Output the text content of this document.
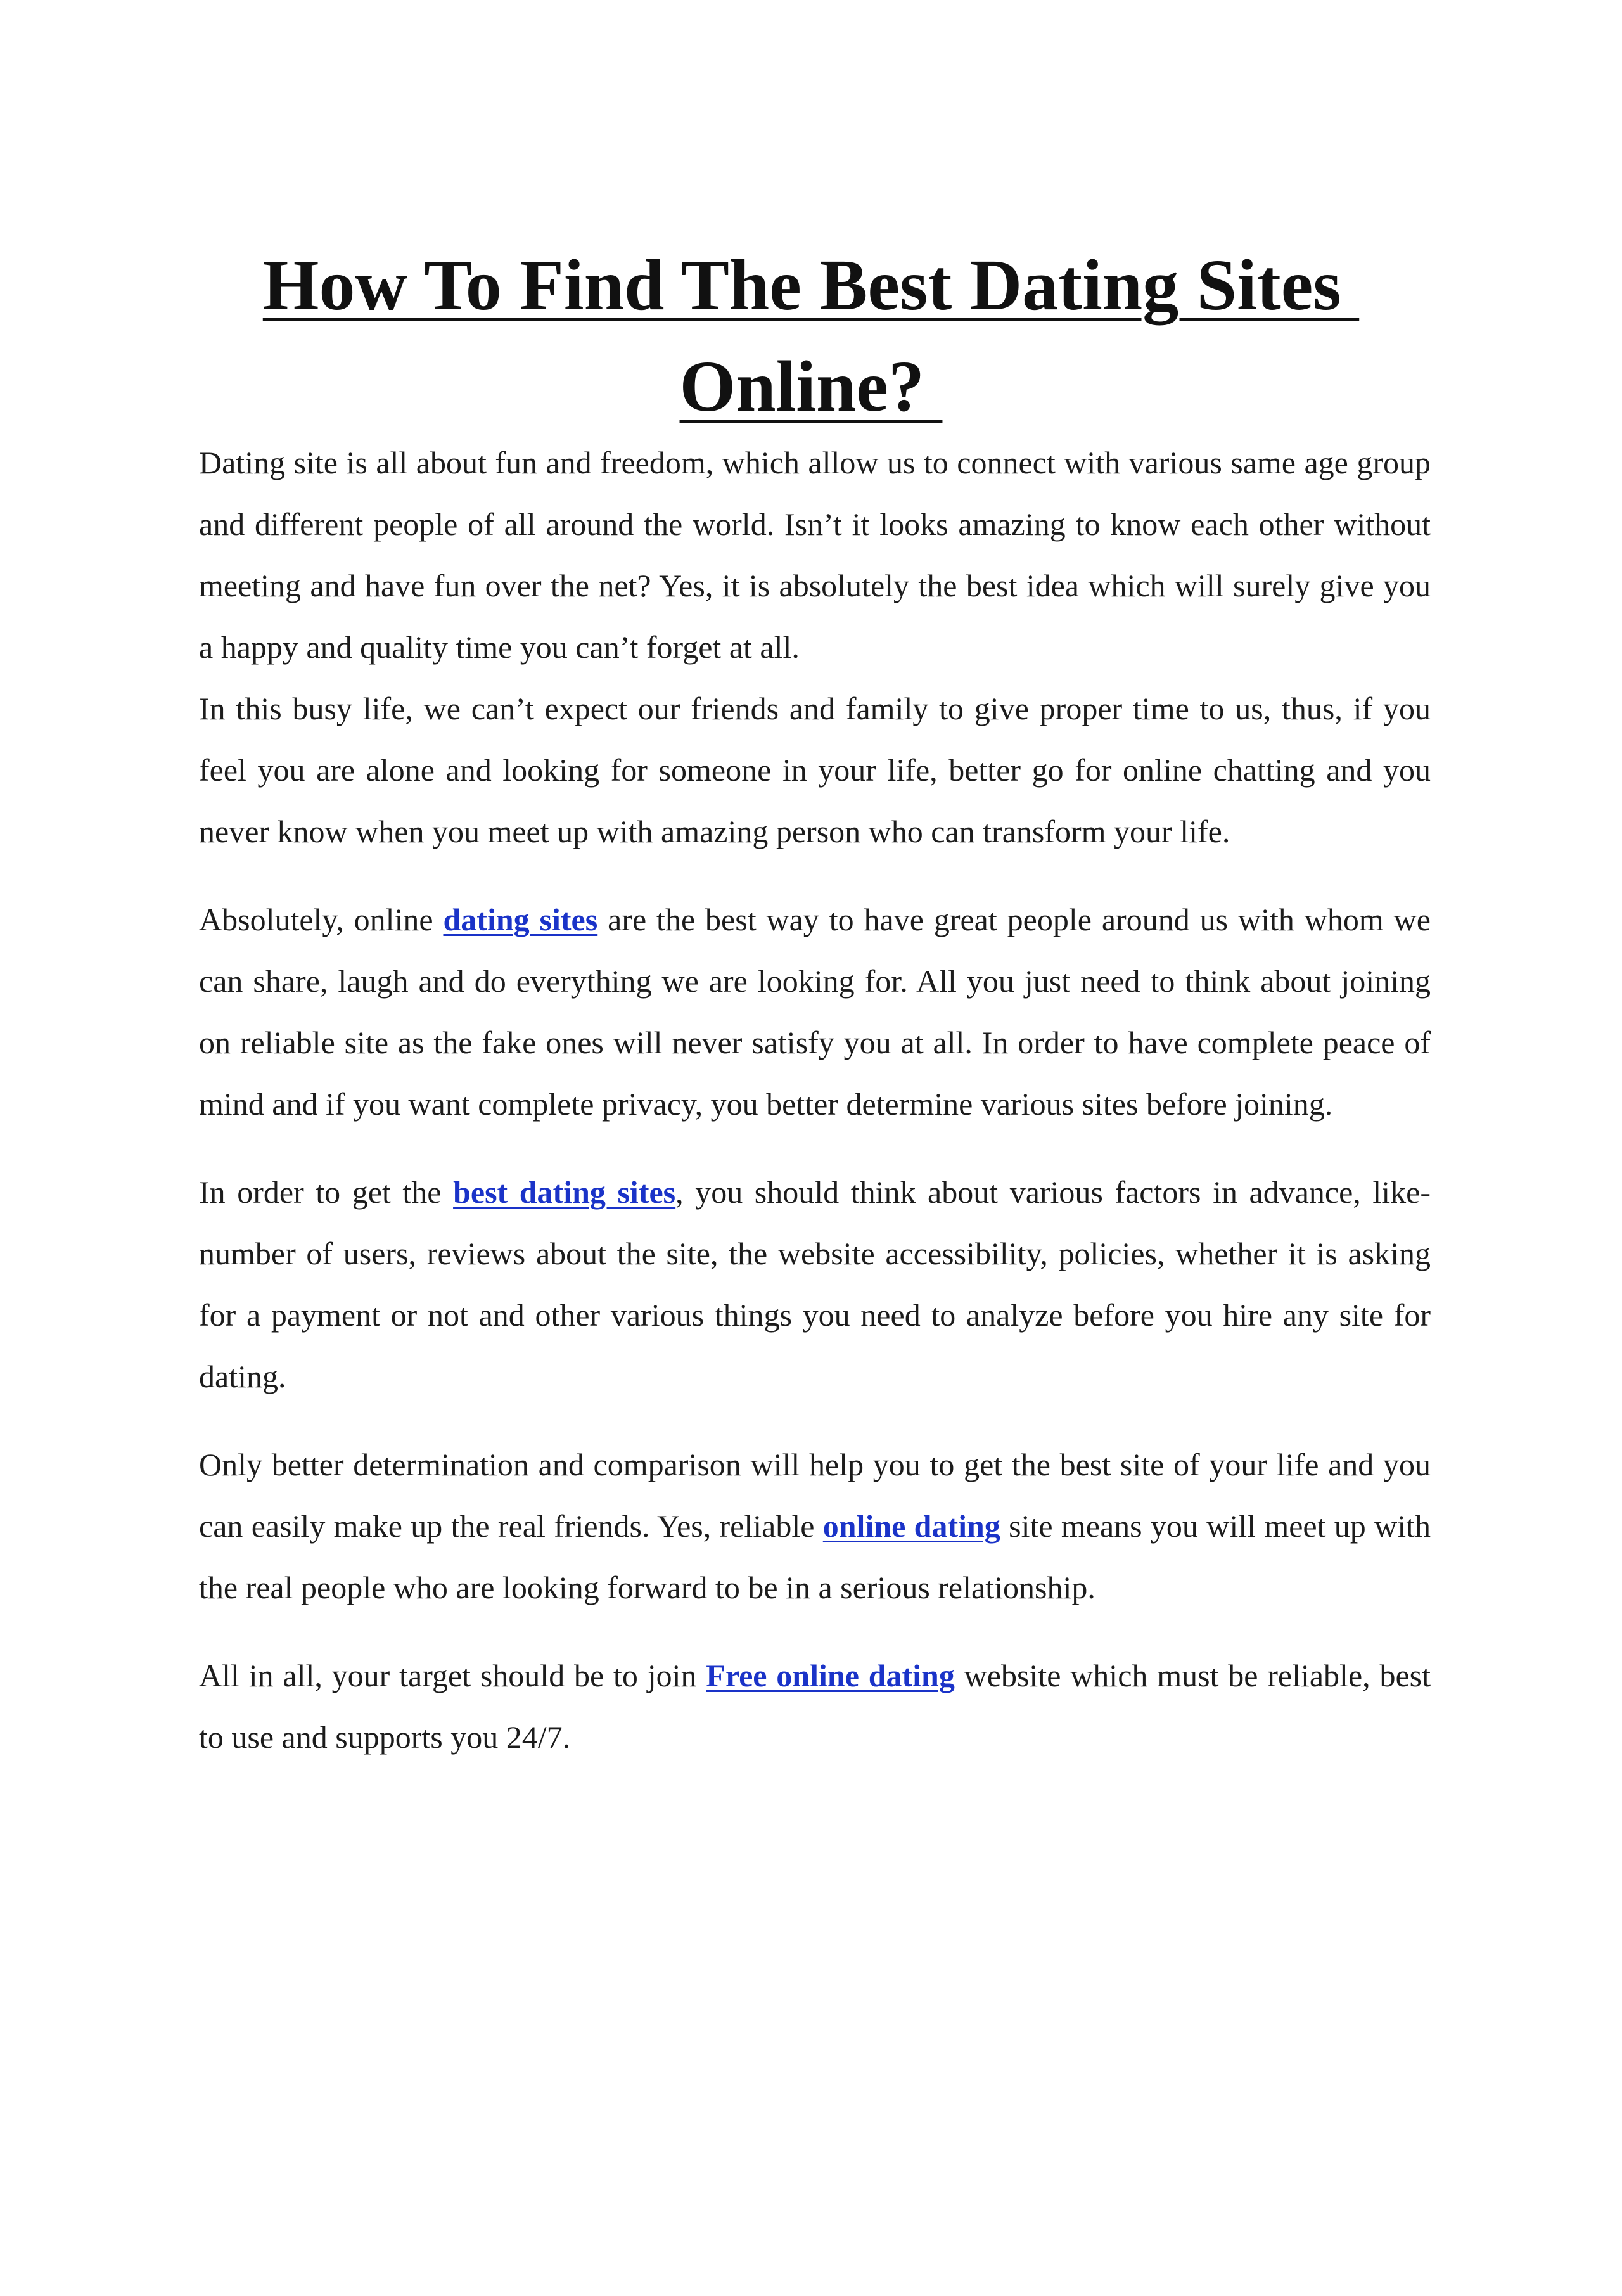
How To Find The Best Dating Sites
Online?

Dating site is all about fun and freedom, which allow us to connect with various same age group and different people of all around the world. Isn’t it looks amazing to know each other without meeting and have fun over the net? Yes, it is absolutely the best idea which will surely give you a happy and quality time you can’t forget at all.

In this busy life, we can’t expect our friends and family to give proper time to us, thus, if you feel you are alone and looking for someone in your life, better go for online chatting and you never know when you meet up with amazing person who can transform your life.

Absolutely, online dating sites are the best way to have great people around us with whom we can share, laugh and do everything we are looking for. All you just need to think about joining on reliable site as the fake ones will never satisfy you at all. In order to have complete peace of mind and if you want complete privacy, you better determine various sites before joining.

In order to get the best dating sites, you should think about various factors in advance, like- number of users, reviews about the site, the website accessibility, policies, whether it is asking for a payment or not and other various things you need to analyze before you hire any site for dating.

Only better determination and comparison will help you to get the best site of your life and you can easily make up the real friends. Yes, reliable online dating site means you will meet up with the real people who are looking forward to be in a serious relationship.

All in all, your target should be to join Free online dating website which must be reliable, best to use and supports you 24/7.
